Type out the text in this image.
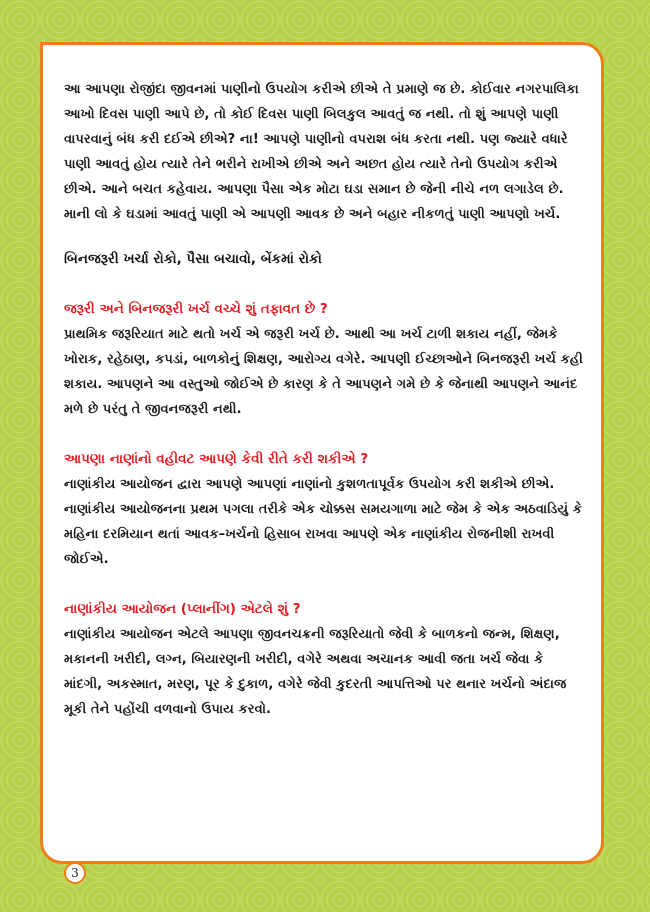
આ આપણા રોજીંદા જીવનમાં પાણીનો ઉપયોગ કરીએ છીએ તે પ્રમાણે જ છે. કોઈવાર નગરપાલિકા આખો દિવસ પાણી આપે છે, તો કોઈ દિવસ પાણી બિલકુલ આવતું જ નથી. તો શું આપણે પાણી વાપરવાનું બંધ કરી દઈએ છીએ? ના! આપણે પાણીનો વપરાશ બંધ કરતા નથી. પણ જ્યારે વધારે પાણી આવતું હોય ત્યારે તેને ભરીને રાખીએ છીએ અને અછત હોય ત્યારે તેનો ઉપયોગ કરીએ છીએ. આને બચત કહેવાય. આપણા પૈસા એક મોટા ઘડા સમાન છે જેની નીચે નળ લગાડેલ છે. માની લો કે ઘડામાં આવતું પાણી એ આપણી આવક છે અને બહાર નીકળતું પાણી આપણો ખર્ચ.

બિનજરૂરી ખર્ચા રોકો, પૈસા બચાવો, બેંકમાં રોકો

જરૂરી અને બિનજરૂરી ખર્ચ વચ્ચે શું તફાવત છે ?

પ્રાથમિક જરૂરિયાત માટે થતો ખર્ચ એ જરૂરી ખર્ચ છે. આથી આ ખર્ચ ટાળી શકાય નહીં, જેમકે ખોરાક, રહેઠાણ, કપડાં, બાળકોનું શિક્ષણ, આરોગ્ય વગેરે. આપણી ઈચ્છાઓને બિનજરૂરી ખર્ચ કહી શકાય. આપણને આ વસ્તુઓ જોઈએ છે કારણ કે તે આપણને ગમે છે કે જેનાથી આપણને આનંદ મળે છે પરંતુ તે જીવનજરૂરી નથી.

આપણા નાણાંનો વહીવટ આપણે કેવી રીતે કરી શકીએ ?

નાણાંકીય આયોજન દ્વારા આપણે આપણાં નાણાંનો કુશળતાપૂર્વક ઉપયોગ કરી શકીએ છીએ. નાણાંકીય આયોજનના પ્રથમ પગલા તરીકે એક ચોક્કસ સમયગાળા માટે જેમ કે એક અઠવાડિયું કે મહિના દરમિયાન થતાં આવક–ખર્ચનો હિસાબ રાખવા આપણે એક નાણાંકીય રોજનીશી રાખવી જોઈએ.

નાણાંકીય આયોજન (પ્લાનીંગ) એટલે શું ?

નાણાંકીય આયોજન એટલે આપણા જીવનચક્રની જરૂરિયાતો જેવી કે બાળકનો જન્મ, શિક્ષણ, મકાનની ખરીદી, લગ્ન, બિયારણની ખરીદી, વગેરે અથવા અચાનક આવી જતા ખર્ચ જેવા કે માંદગી, અકસ્માત, મરણ, પૂર કે દુકાળ, વગેરે જેવી કુદરતી આપત્તિઓ પર થનાર ખર્ચનો અંદાજ મૂકી તેને પહોંચી વળવાનો ઉપાય કરવો.

3
